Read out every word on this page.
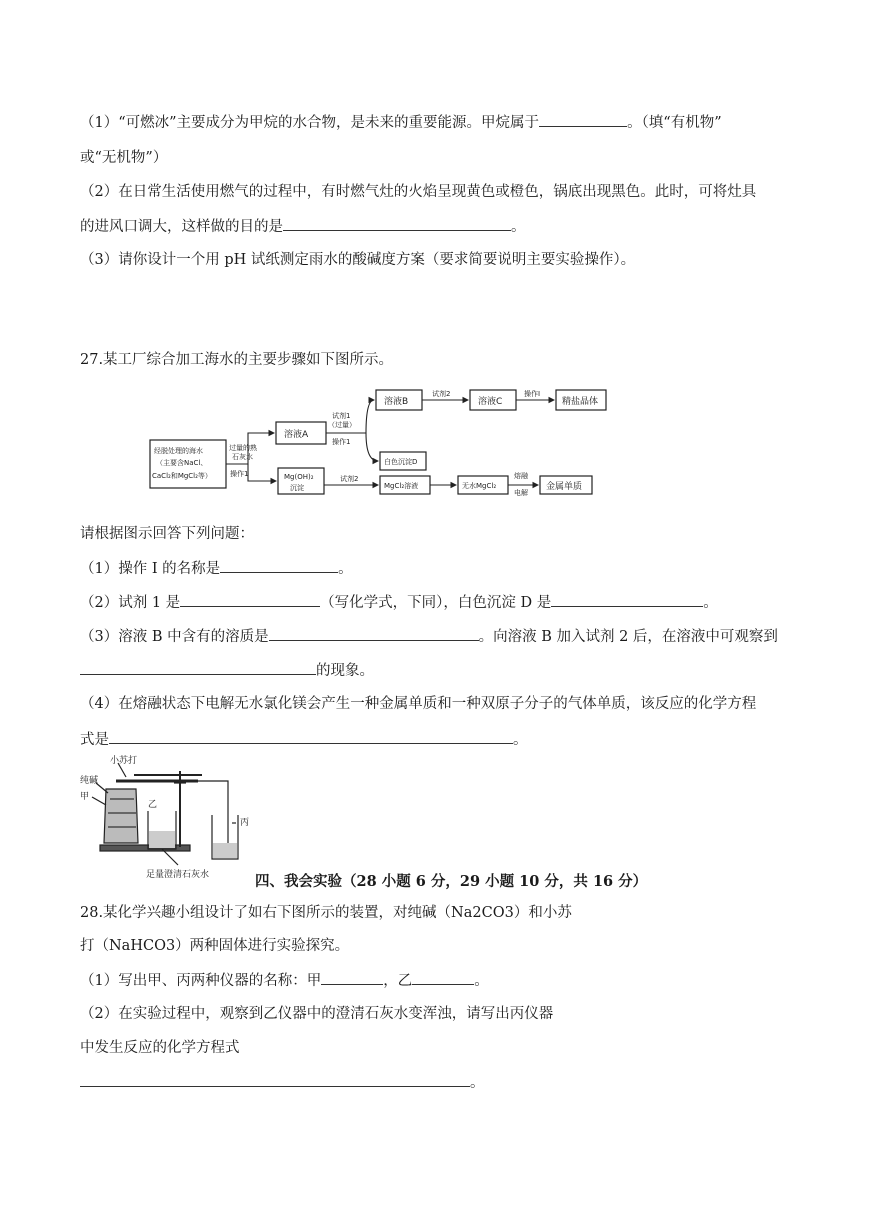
（1）“可燃冰”主要成分为甲烷的水合物，是未来的重要能源。甲烷属于	。（填“有机物”
或“无机物”）
（2）在日常生活使用燃气的过程中，有时燃气灶的火焰呈现黄色或橙色，锅底出现黑色。此时，可将灶具
的进风口调大，这样做的目的是	。
（3）请你设计一个用 pH 试纸测定雨水的酸碱度方案（要求简要说明主要实验操作）。
27.某工厂综合加工海水的主要步骤如下图所示。
经脱处理的海水
（主要含NaCl、
CaCl₂和MgCl₂等）
过量的熟
石灰水
操作1
溶液A
试剂1
（过量）
操作1
溶液B
试剂2
溶液C
操作I
精盐晶体
白色沉淀D
Mg(OH)₂
沉淀
试剂2
MgCl₂溶液	无水MgCl₂
熔融
电解
金属单质
请根据图示回答下列问题：
（1）操作 I 的名称是	。
（2）试剂 1 是	（写化学式，下同），白色沉淀 D 是	。
（3）溶液 B 中含有的溶质是	。向溶液 B 加入试剂 2 后，在溶液中可观察到
的现象。
（4）在熔融状态下电解无水氯化镁会产生一种金属单质和一种双原子分子的气体单质，该反应的化学方程
式是	。
小苏打
纯碱
甲
乙
丙
足量澄清石灰水	四、我会实验（28 小题 6 分，29 小题 10 分，共 16 分）
28.某化学兴趣小组设计了如右下图所示的装置，对纯碱（Na2CO3）和小苏
打（NaHCO3）两种固体进行实验探究。
（1）写出甲、丙两种仪器的名称：甲	，乙	。
（2）在实验过程中，观察到乙仪器中的澄清石灰水变浑浊，请写出丙仪器
中发生反应的化学方程式
。
